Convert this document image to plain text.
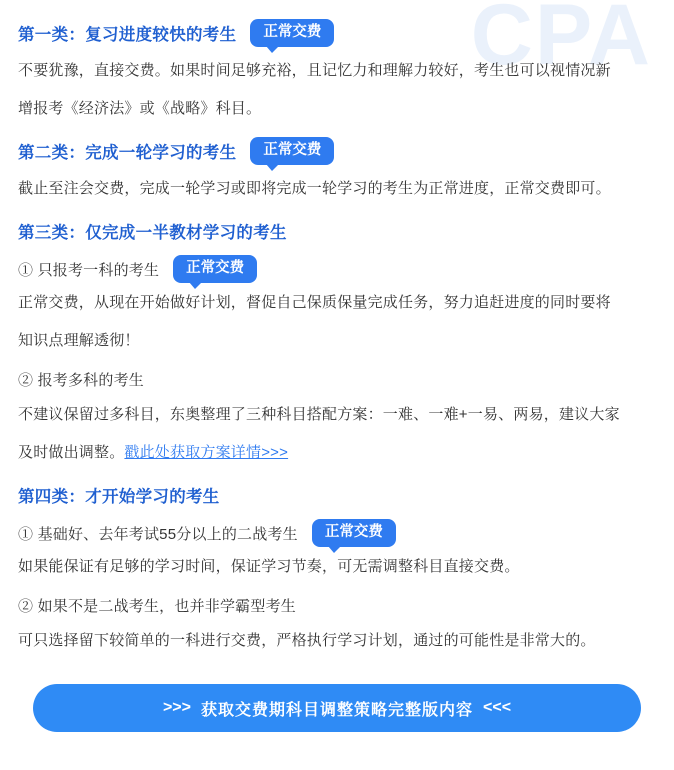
CPA
第一类：复习进度较快的考生	正常交费

不要犹豫，直接交费。如果时间足够充裕，且记忆力和理解力较好，考生也可以视情况新

增报考《经济法》或《战略》科目。

第二类：完成一轮学习的考生	正常交费

截止至注会交费，完成一轮学习或即将完成一轮学习的考生为正常进度，正常交费即可。

第三类：仅完成一半教材学习的考生
① 只报考一科的考生	正常交费

正常交费，从现在开始做好计划，督促自己保质保量完成任务，努力追赶进度的同时要将

知识点理解透彻！

② 报考多科的考生

不建议保留过多科目，东奥整理了三种科目搭配方案：一难、一难+一易、两易，建议大家

及时做出调整。戳此处获取方案详情>>>

第四类：才开始学习的考生
① 基础好、去年考试55分以上的二战考生	正常交费

如果能保证有足够的学习时间，保证学习节奏，可无需调整科目直接交费。

② 如果不是二战考生，也并非学霸型考生

可只选择留下较简单的一科进行交费，严格执行学习计划，通过的可能性是非常大的。

>>> 获取交费期科目调整策略完整版内容 <<<
